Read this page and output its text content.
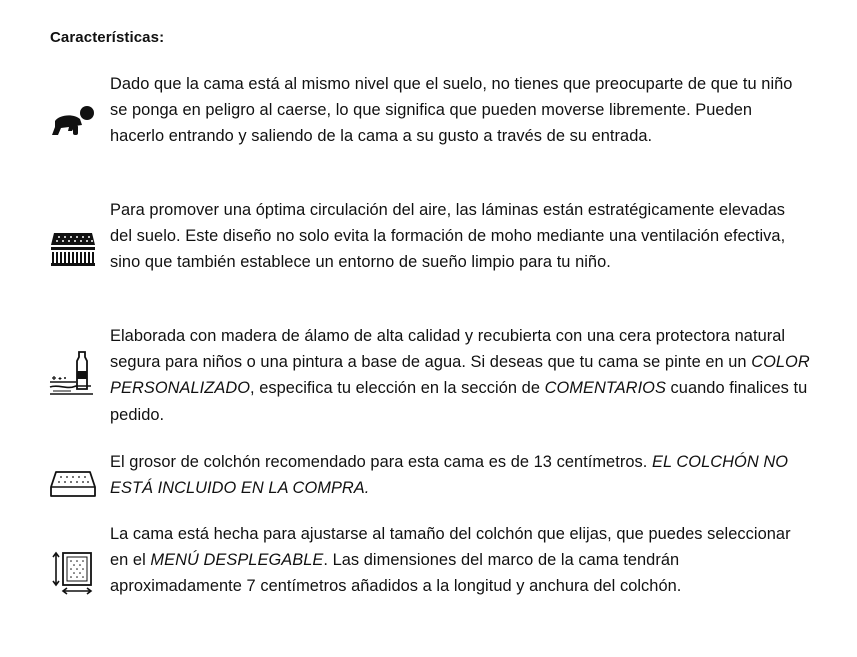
Características:
Dado que la cama está al mismo nivel que el suelo, no tienes que preocuparte de que tu niño se ponga en peligro al caerse, lo que significa que pueden moverse libremente. Pueden hacerlo entrando y saliendo de la cama a su gusto a través de su entrada.
Para promover una óptima circulación del aire, las láminas están estratégicamente elevadas del suelo. Este diseño no solo evita la formación de moho mediante una ventilación efectiva, sino que también establece un entorno de sueño limpio para tu niño.
Elaborada con madera de álamo de alta calidad y recubierta con una cera protectora natural segura para niños o una pintura a base de agua. Si deseas que tu cama se pinte en un COLOR PERSONALIZADO, especifica tu elección en la sección de COMENTARIOS cuando finalices tu pedido.
El grosor de colchón recomendado para esta cama es de 13 centímetros. EL COLCHÓN NO ESTÁ INCLUIDO EN LA COMPRA.
La cama está hecha para ajustarse al tamaño del colchón que elijas, que puedes seleccionar en el MENÚ DESPLEGABLE. Las dimensiones del marco de la cama tendrán aproximadamente 7 centímetros añadidos a la longitud y anchura del colchón.
